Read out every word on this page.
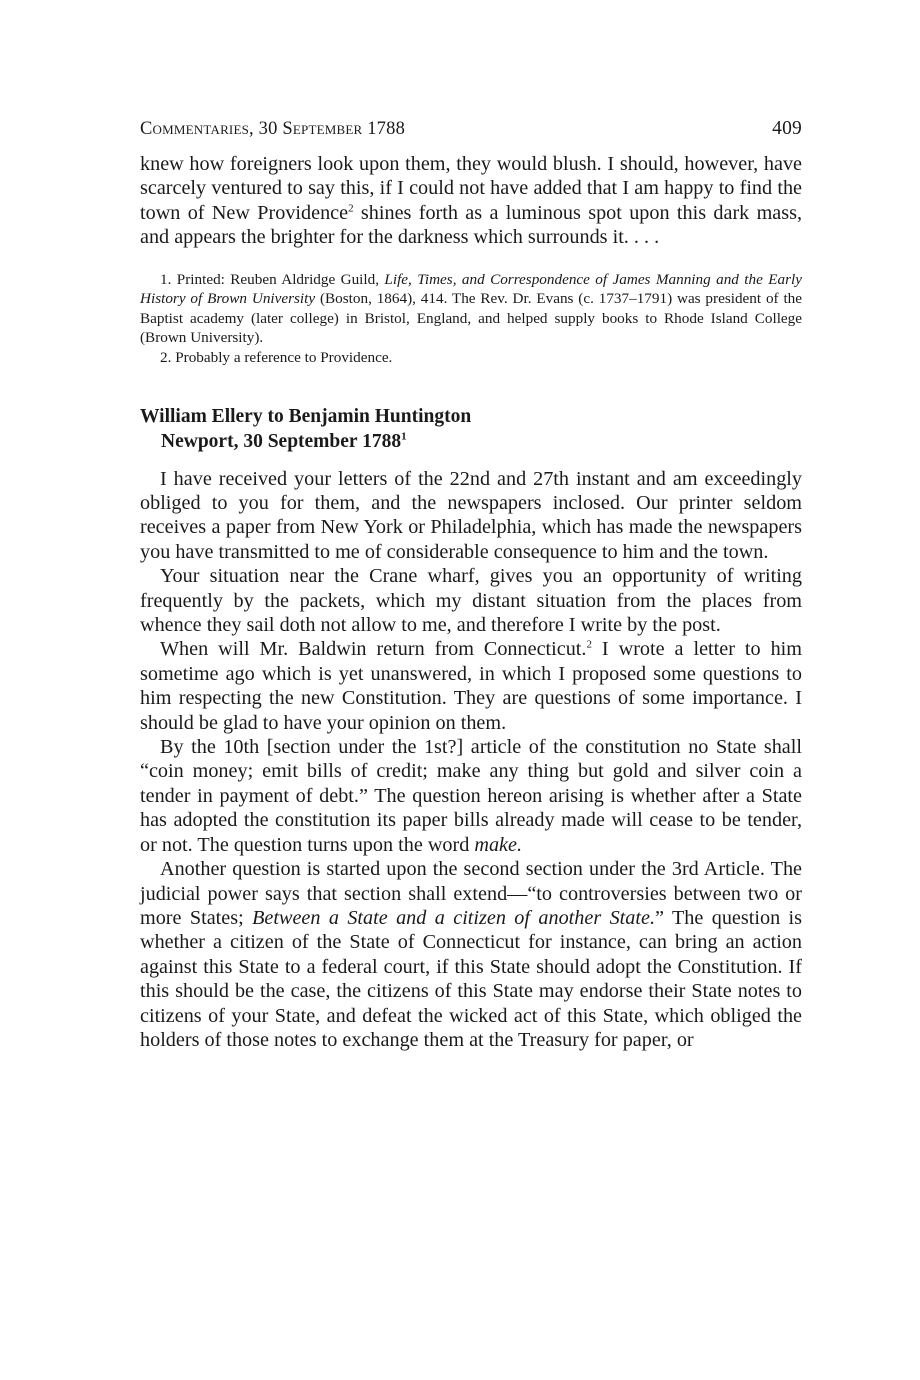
Commentaries, 30 September 1788	409

knew how foreigners look upon them, they would blush. I should, however, have scarcely ventured to say this, if I could not have added that I am happy to find the town of New Providence$^2$ shines forth as a luminous spot upon this dark mass, and appears the brighter for the darkness which surrounds it. . . .

1. Printed: Reuben Aldridge Guild, Life, Times, and Correspondence of James Manning and the Early History of Brown University (Boston, 1864), 414. The Rev. Dr. Evans (c. 1737–1791) was president of the Baptist academy (later college) in Bristol, England, and helped supply books to Rhode Island College (Brown University).

2. Probably a reference to Providence.

William Ellery to Benjamin Huntington
Newport, 30 September 1788$^1$

I have received your letters of the 22nd and 27th instant and am exceedingly obliged to you for them, and the newspapers inclosed. Our printer seldom receives a paper from New York or Philadelphia, which has made the newspapers you have transmitted to me of considerable consequence to him and the town.

Your situation near the Crane wharf, gives you an opportunity of writing frequently by the packets, which my distant situation from the places from whence they sail doth not allow to me, and therefore I write by the post.

When will Mr. Baldwin return from Connecticut.$^2$ I wrote a letter to him sometime ago which is yet unanswered, in which I proposed some questions to him respecting the new Constitution. They are questions of some importance. I should be glad to have your opinion on them.

By the 10th [section under the 1st?] article of the constitution no State shall “coin money; emit bills of credit; make any thing but gold and silver coin a tender in payment of debt.” The question hereon arising is whether after a State has adopted the constitution its paper bills already made will cease to be tender, or not. The question turns upon the word make.

Another question is started upon the second section under the 3rd Article. The judicial power says that section shall extend—“to controversies between two or more States; Between a State and a citizen of another State.” The question is whether a citizen of the State of Connecticut for instance, can bring an action against this State to a federal court, if this State should adopt the Constitution. If this should be the case, the citizens of this State may endorse their State notes to citizens of your State, and defeat the wicked act of this State, which obliged the holders of those notes to exchange them at the Treasury for paper, or
